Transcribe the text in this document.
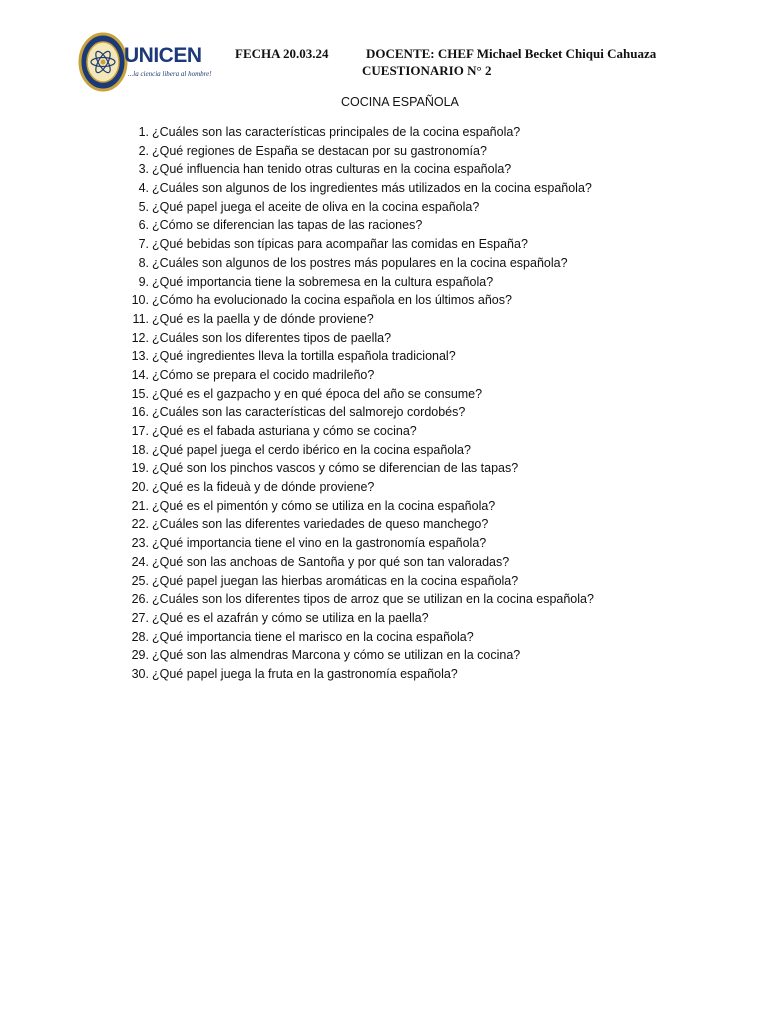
UNICEN
...la ciencia libera al hombre!
FECHA 20.03.24	DOCENTE: CHEF Michael Becket Chiqui Cahuaza
CUESTIONARIO N° 2
COCINA ESPAÑOLA
1. ¿Cuáles son las características principales de la cocina española?
2. ¿Qué regiones de España se destacan por su gastronomía?
3. ¿Qué influencia han tenido otras culturas en la cocina española?
4. ¿Cuáles son algunos de los ingredientes más utilizados en la cocina española?
5. ¿Qué papel juega el aceite de oliva en la cocina española?
6. ¿Cómo se diferencian las tapas de las raciones?
7. ¿Qué bebidas son típicas para acompañar las comidas en España?
8. ¿Cuáles son algunos de los postres más populares en la cocina española?
9. ¿Qué importancia tiene la sobremesa en la cultura española?
10. ¿Cómo ha evolucionado la cocina española en los últimos años?
11. ¿Qué es la paella y de dónde proviene?
12. ¿Cuáles son los diferentes tipos de paella?
13. ¿Qué ingredientes lleva la tortilla española tradicional?
14. ¿Cómo se prepara el cocido madrileño?
15. ¿Qué es el gazpacho y en qué época del año se consume?
16. ¿Cuáles son las características del salmorejo cordobés?
17. ¿Qué es el fabada asturiana y cómo se cocina?
18. ¿Qué papel juega el cerdo ibérico en la cocina española?
19. ¿Qué son los pinchos vascos y cómo se diferencian de las tapas?
20. ¿Qué es la fideuà y de dónde proviene?
21. ¿Qué es el pimentón y cómo se utiliza en la cocina española?
22. ¿Cuáles son las diferentes variedades de queso manchego?
23. ¿Qué importancia tiene el vino en la gastronomía española?
24. ¿Qué son las anchoas de Santoña y por qué son tan valoradas?
25. ¿Qué papel juegan las hierbas aromáticas en la cocina española?
26. ¿Cuáles son los diferentes tipos de arroz que se utilizan en la cocina española?
27. ¿Qué es el azafrán y cómo se utiliza en la paella?
28. ¿Qué importancia tiene el marisco en la cocina española?
29. ¿Qué son las almendras Marcona y cómo se utilizan en la cocina?
30. ¿Qué papel juega la fruta en la gastronomía española?
